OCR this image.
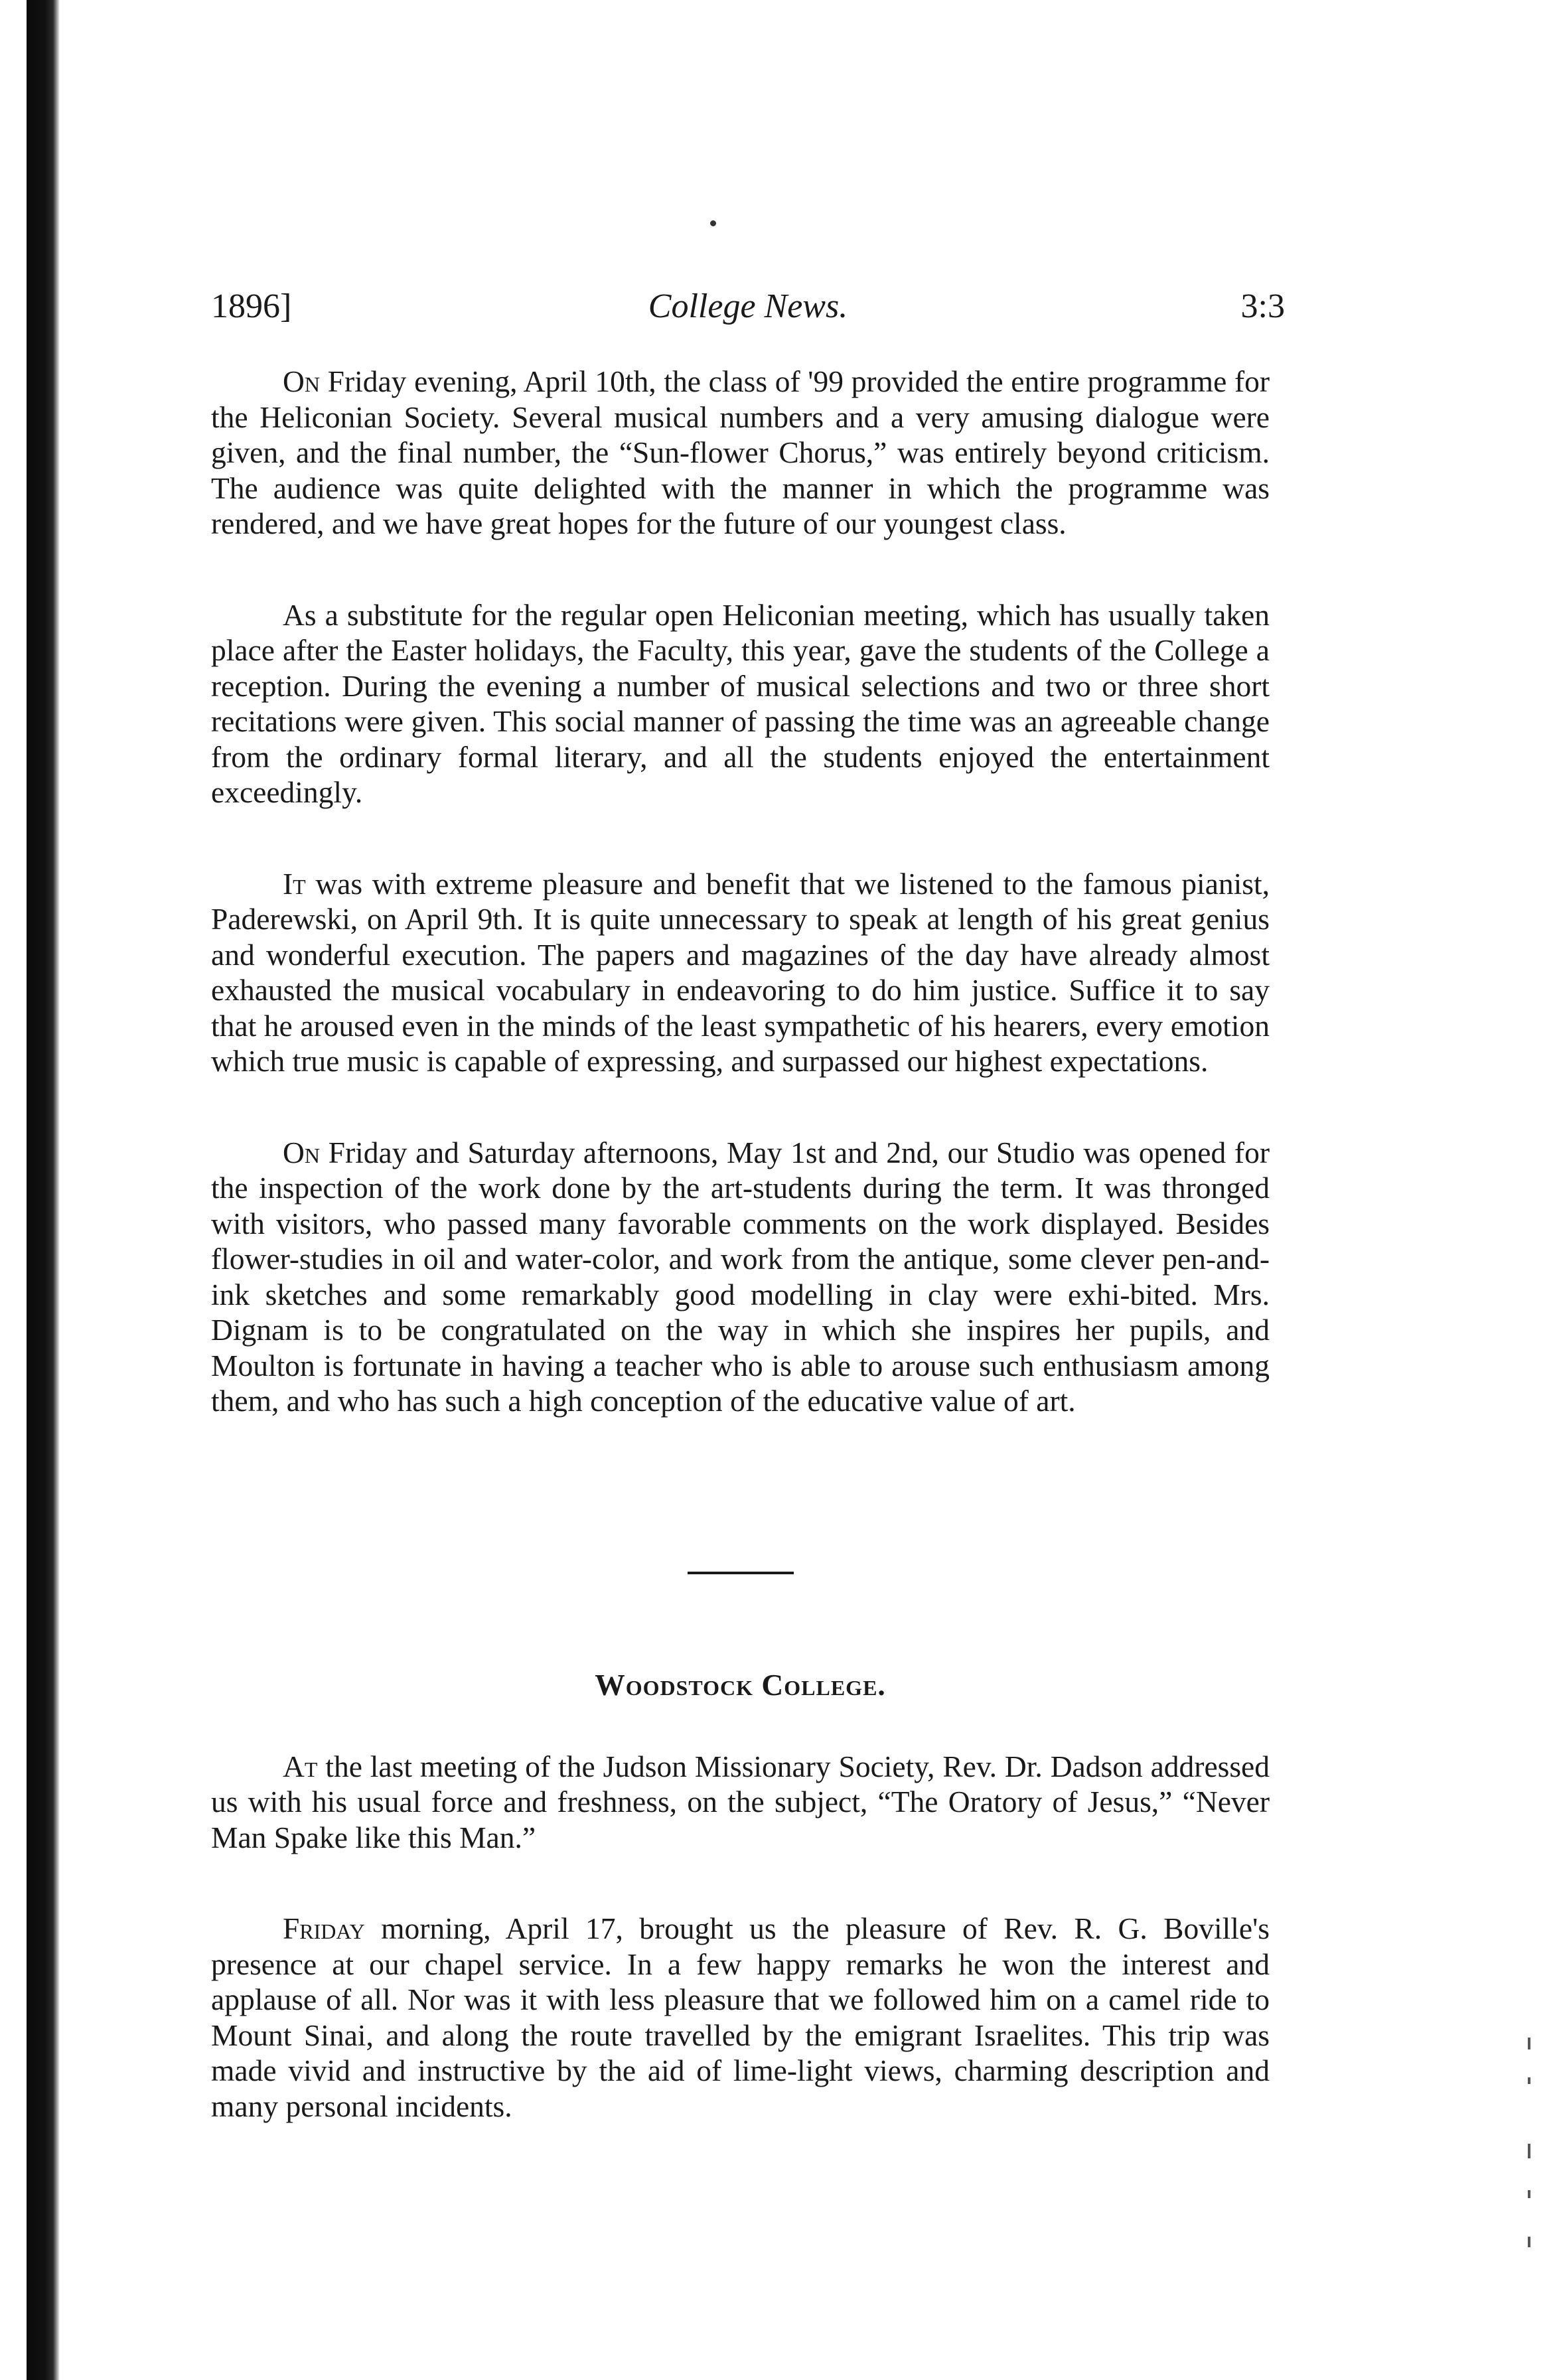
1896]	College News.	3:3

On Friday evening, April 10th, the class of '99 provided the entire programme for the Heliconian Society. Several musical numbers and a very amusing dialogue were given, and the final number, the “Sun-flower Chorus,” was entirely beyond criticism. The audience was quite delighted with the manner in which the programme was rendered, and we have great hopes for the future of our youngest class.

As a substitute for the regular open Heliconian meeting, which has usually taken place after the Easter holidays, the Faculty, this year, gave the students of the College a reception. During the evening a number of musical selections and two or three short recitations were given. This social manner of passing the time was an agreeable change from the ordinary formal literary, and all the students enjoyed the entertainment exceedingly.

It was with extreme pleasure and benefit that we listened to the famous pianist, Paderewski, on April 9th. It is quite unnecessary to speak at length of his great genius and wonderful execution. The papers and magazines of the day have already almost exhausted the musical vocabulary in endeavoring to do him justice. Suffice it to say that he aroused even in the minds of the least sympathetic of his hearers, every emotion which true music is capable of expressing, and surpassed our highest expectations.

On Friday and Saturday afternoons, May 1st and 2nd, our Studio was opened for the inspection of the work done by the art-students during the term. It was thronged with visitors, who passed many favorable comments on the work displayed. Besides flower-studies in oil and water-color, and work from the antique, some clever pen-and-ink sketches and some remarkably good modelling in clay were exhi-bited. Mrs. Dignam is to be congratulated on the way in which she inspires her pupils, and Moulton is fortunate in having a teacher who is able to arouse such enthusiasm among them, and who has such a high conception of the educative value of art.

Woodstock College.

At the last meeting of the Judson Missionary Society, Rev. Dr. Dadson addressed us with his usual force and freshness, on the subject, “The Oratory of Jesus,” “Never Man Spake like this Man.”

Friday morning, April 17, brought us the pleasure of Rev. R. G. Boville's presence at our chapel service. In a few happy remarks he won the interest and applause of all. Nor was it with less pleasure that we followed him on a camel ride to Mount Sinai, and along the route travelled by the emigrant Israelites. This trip was made vivid and instructive by the aid of lime-light views, charming description and many personal incidents.
